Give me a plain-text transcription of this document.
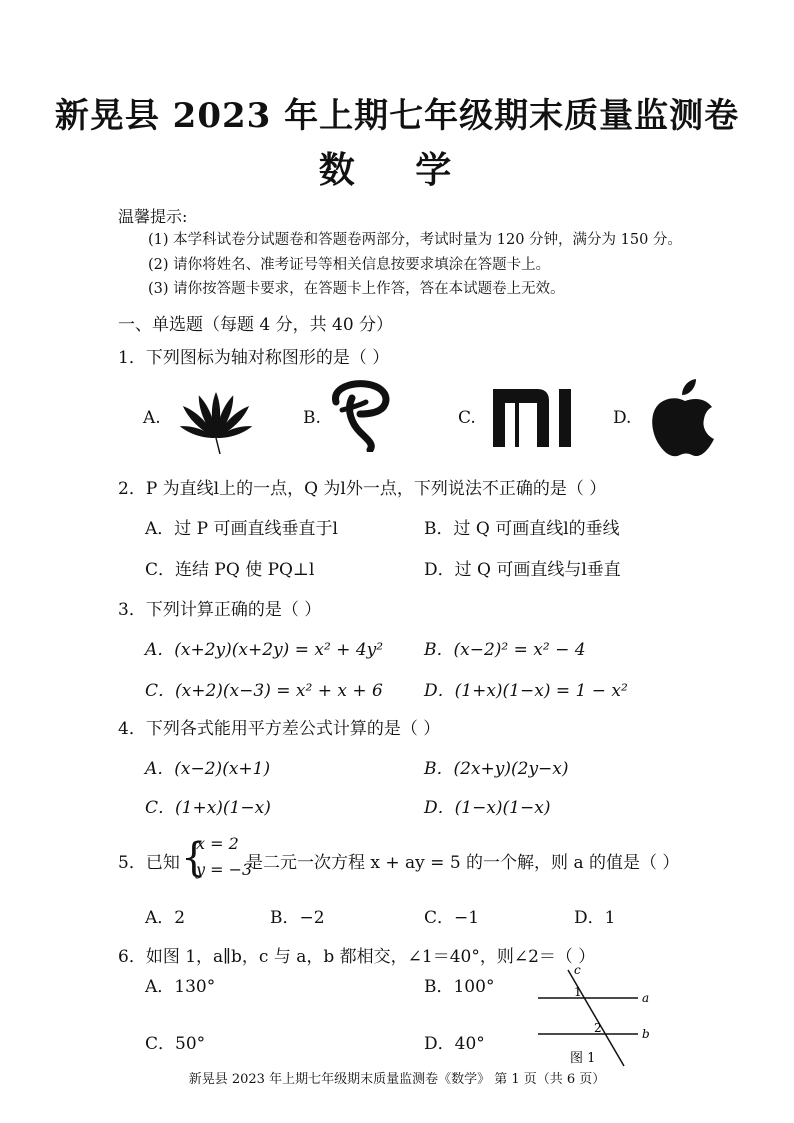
新晃县 2023 年上期七年级期末质量监测卷
数 学
温馨提示:
(1) 本学科试卷分试题卷和答题卷两部分，考试时量为 120 分钟，满分为 150 分。
(2) 请你将姓名、准考证号等相关信息按要求填涂在答题卡上。
(3) 请你按答题卡要求，在答题卡上作答，答在本试题卷上无效。
一、单选题（每题 4 分，共 40 分）
1．下列图标为轴对称图形的是（ ）
A.	B.	C.	D.
2．P 为直线l上的一点，Q 为l外一点，下列说法不正确的是（ ）
A．过 P 可画直线垂直于l	B．过 Q 可画直线l的垂线
C．连结 PQ 使 PQ⊥l	D．过 Q 可画直线与l垂直
3．下列计算正确的是（ ）
A．(x+2y)(x+2y) = x² + 4y² B．(x−2)² = x² − 4
C．(x+2)(x−3) = x² + x + 6 D．(1+x)(1−x) = 1 − x²
4．下列各式能用平方差公式计算的是（ ）
A．(x−2)(x+1)	B．(2x+y)(2y−x)
C．(1+x)(1−x)	D．(1−x)(1−x)
5．已知 {
x = 2
y = −3
是二元一次方程 x + ay = 5 的一个解，则 a 的值是（ ）
A．2	B．−2	C．−1	D．1
6．如图 1，a∥b，c 与 a，b 都相交，∠1＝40°，则∠2＝（ ）
A．130°	B．100°
C．50°	D．40°
c
a
b
1
2
图 1
新晃县 2023 年上期七年级期末质量监测卷《数学》 第 1 页（共 6 页）
